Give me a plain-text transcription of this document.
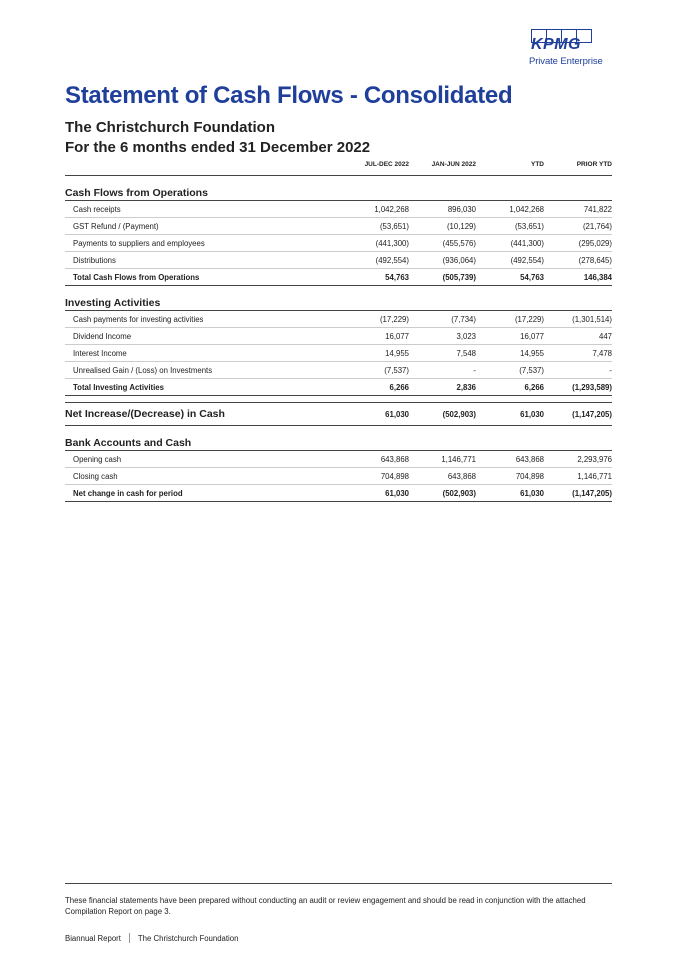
KPMG
Private Enterprise
Statement of Cash Flows - Consolidated
The Christchurch Foundation
For the 6 months ended 31 December 2022
JUL-DEC 2022	JAN-JUN 2022	YTD	PRIOR YTD
Cash Flows from Operations
Cash receipts	1,042,268	896,030	1,042,268	741,822
GST Refund / (Payment)	(53,651)	(10,129)	(53,651)	(21,764)
Payments to suppliers and employees	(441,300)	(455,576)	(441,300)	(295,029)
Distributions	(492,554)	(936,064)	(492,554)	(278,645)
Total Cash Flows from Operations	54,763	(505,739)	54,763	146,384
Investing Activities
Cash payments for investing activities	(17,229)	(7,734)	(17,229)	(1,301,514)
Dividend Income	16,077	3,023	16,077	447
Interest Income	14,955	7,548	14,955	7,478
Unrealised Gain / (Loss) on Investments	(7,537)	-	(7,537)	-
Total Investing Activities	6,266	2,836	6,266	(1,293,589)
Net Increase/(Decrease) in Cash	61,030	(502,903)	61,030	(1,147,205)
Bank Accounts and Cash
Opening cash	643,868	1,146,771	643,868	2,293,976
Closing cash	704,898	643,868	704,898	1,146,771
Net change in cash for period	61,030	(502,903)	61,030	(1,147,205)
These financial statements have been prepared without conducting an audit or review engagement and should be read in conjunction with the attached Compilation Report on page 3.
Biannual Report The Christchurch Foundation
